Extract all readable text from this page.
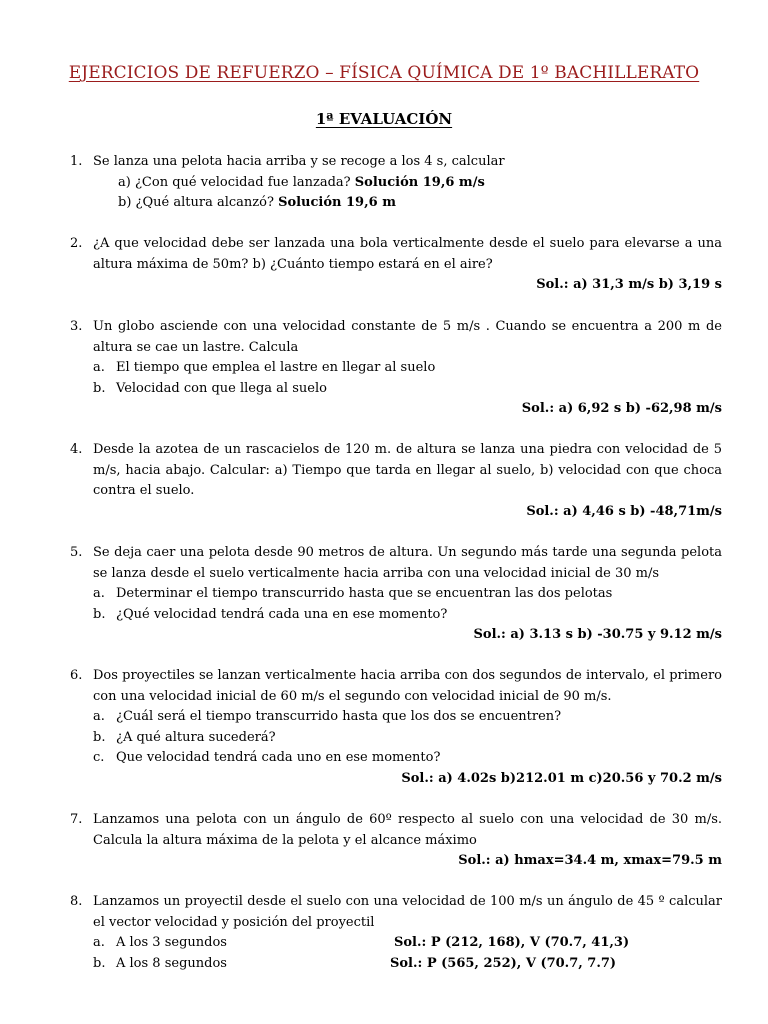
EJERCICIOS DE REFUERZO – FÍSICA QUÍMICA DE 1º BACHILLERATO
1ª EVALUACIÓN
1. Se lanza una pelota hacia arriba y se recoge a los 4 s, calcular
a) ¿Con qué velocidad fue lanzada? Solución 19,6 m/s
b) ¿Qué altura alcanzó? Solución 19,6 m
2. ¿A que velocidad debe ser lanzada una bola verticalmente desde el suelo para elevarse a una altura máxima de 50m? b) ¿Cuánto tiempo estará en el aire?
Sol.: a) 31,3 m/s b) 3,19 s
3. Un globo asciende con una velocidad constante de 5 m/s . Cuando se encuentra a 200 m de altura se cae un lastre. Calcula
a. El tiempo que emplea el lastre en llegar al suelo
b. Velocidad con que llega al suelo
Sol.: a) 6,92 s b) -62,98 m/s
4. Desde la azotea de un rascacielos de 120 m. de altura se lanza una piedra con velocidad de 5 m/s, hacia abajo. Calcular: a) Tiempo que tarda en llegar al suelo, b) velocidad con que choca contra el suelo.
Sol.: a) 4,46 s b) -48,71m/s
5. Se deja caer una pelota desde 90 metros de altura. Un segundo más tarde una segunda pelota se lanza desde el suelo verticalmente hacia arriba con una velocidad inicial de 30 m/s
a. Determinar el tiempo transcurrido hasta que se encuentran las dos pelotas
b. ¿Qué velocidad tendrá cada una en ese momento?
Sol.: a) 3.13 s b) -30.75 y 9.12 m/s
6. Dos proyectiles se lanzan verticalmente hacia arriba con dos segundos de intervalo, el primero con una velocidad inicial de 60 m/s el segundo con velocidad inicial de 90 m/s.
a. ¿Cuál será el tiempo transcurrido hasta que los dos se encuentren?
b. ¿A qué altura sucederá?
c. Que velocidad tendrá cada uno en ese momento?
Sol.: a) 4.02s b)212.01 m c)20.56 y 70.2 m/s
7. Lanzamos una pelota con un ángulo de 60º respecto al suelo con una velocidad de 30 m/s. Calcula la altura máxima de la pelota y el alcance máximo
Sol.: a) hmax=34.4 m, xmax=79.5 m
8. Lanzamos un proyectil desde el suelo con una velocidad de 100 m/s un ángulo de 45 º calcular el vector velocidad y posición del proyectil
a. A los 3 segundos	Sol.: P (212, 168), V (70.7, 41,3)
b. A los 8 segundos	Sol.: P (565, 252), V (70.7, 7.7)
